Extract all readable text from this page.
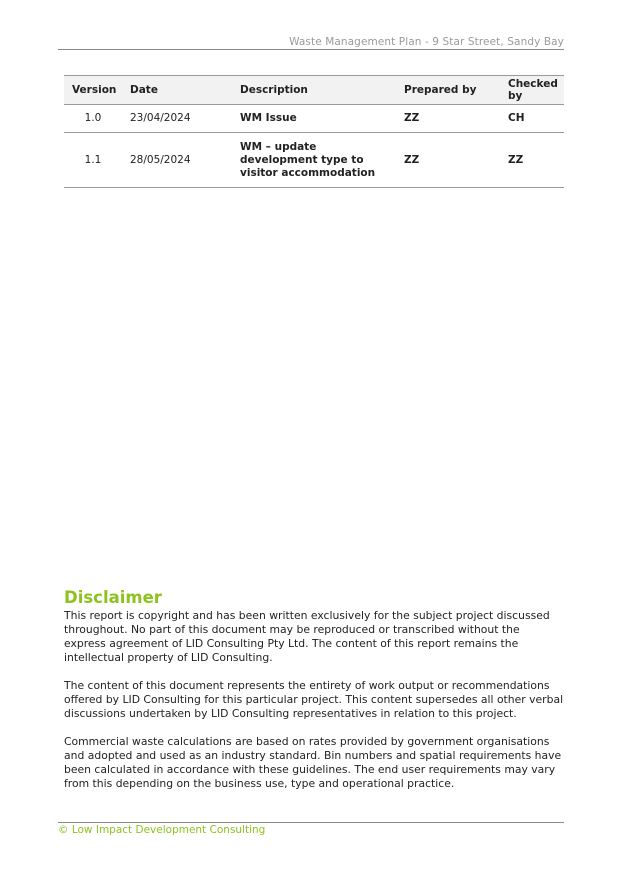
Waste Management Plan - 9 Star Street, Sandy Bay
Version	Date	Description	Prepared by	Checked by
1.0	23/04/2024	WM Issue	ZZ	CH
1.1	28/05/2024	WM – update development type to visitor accommodation	ZZ	ZZ
Disclaimer

This report is copyright and has been written exclusively for the subject project discussed throughout. No part of this document may be reproduced or transcribed without the express agreement of LID Consulting Pty Ltd. The content of this report remains the intellectual property of LID Consulting.

The content of this document represents the entirety of work output or recommendations offered by LID Consulting for this particular project. This content supersedes all other verbal discussions undertaken by LID Consulting representatives in relation to this project.

Commercial waste calculations are based on rates provided by government organisations and adopted and used as an industry standard. Bin numbers and spatial requirements have been calculated in accordance with these guidelines. The end user requirements may vary from this depending on the business use, type and operational practice.

© Low Impact Development Consulting
